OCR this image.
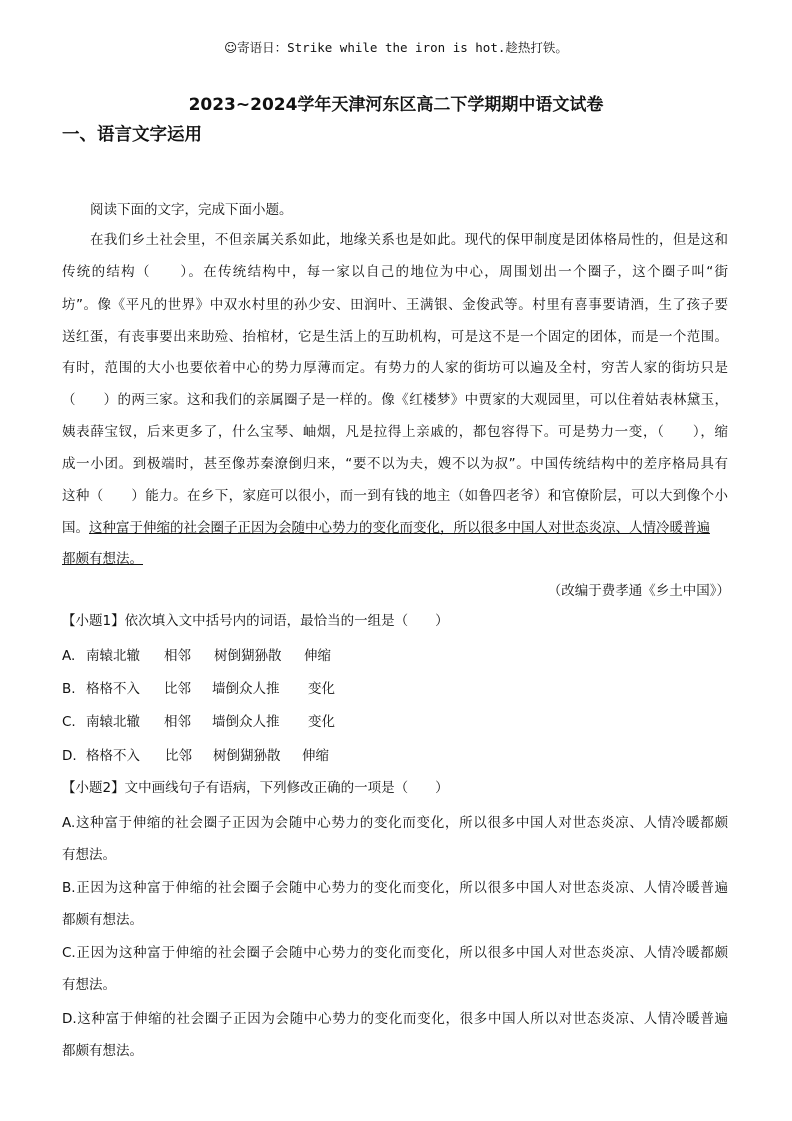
☺寄语日：Strike while the iron is hot.趁热打铁。
2023~2024学年天津河东区高二下学期期中语文试卷
一、语言文字运用
阅读下面的文字，完成下面小题。
在我们乡土社会里，不但亲属关系如此，地缘关系也是如此。现代的保甲制度是团体格局性的，但是这和
传统的结构（　　）。在传统结构中，每一家以自己的地位为中心，周围划出一个圈子，这个圈子叫“街
坊”。像《平凡的世界》中双水村里的孙少安、田润叶、王满银、金俊武等。村里有喜事要请酒，生了孩子要
送红蛋，有丧事要出来助殓、抬棺材，它是生活上的互助机构，可是这不是一个固定的团体，而是一个范围。
有时，范围的大小也要依着中心的势力厚薄而定。有势力的人家的街坊可以遍及全村，穷苦人家的街坊只是
（　　）的两三家。这和我们的亲属圈子是一样的。像《红楼梦》中贾家的大观园里，可以住着姑表林黛玉，
姨表薛宝钗，后来更多了，什么宝琴、岫烟，凡是拉得上亲戚的，都包容得下。可是势力一变，（　　），缩
成一小团。到极端时，甚至像苏秦潦倒归来，“要不以为夫，嫂不以为叔”。中国传统结构中的差序格局具有
这种（　　）能力。在乡下，家庭可以很小，而一到有钱的地主（如鲁四老爷）和官僚阶层，可以大到像个小
国。这种富于伸缩的社会圈子正因为会随中心势力的变化而变化，所以很多中国人对世态炎凉、人情冷暖普遍
都颇有想法。
（改编于费孝通《乡土中国》）
【小题1】依次填入文中括号内的词语，最恰当的一组是（　　）
A. 南辕北辙 相邻 树倒猢狲散 伸缩
B. 格格不入 比邻 墙倒众人推 变化
C. 南辕北辙 相邻 墙倒众人推 变化
D. 格格不入 比邻 树倒猢狲散 伸缩
【小题2】文中画线句子有语病，下列修改正确的一项是（　　）
A.这种富于伸缩的社会圈子正因为会随中心势力的变化而变化，所以很多中国人对世态炎凉、人情冷暖都颇
有想法。
B.正因为这种富于伸缩的社会圈子会随中心势力的变化而变化，所以很多中国人对世态炎凉、人情冷暖普遍
都颇有想法。
C.正因为这种富于伸缩的社会圈子会随中心势力的变化而变化，所以很多中国人对世态炎凉、人情冷暖都颇
有想法。
D.这种富于伸缩的社会圈子正因为会随中心势力的变化而变化，很多中国人所以对世态炎凉、人情冷暖普遍
都颇有想法。
